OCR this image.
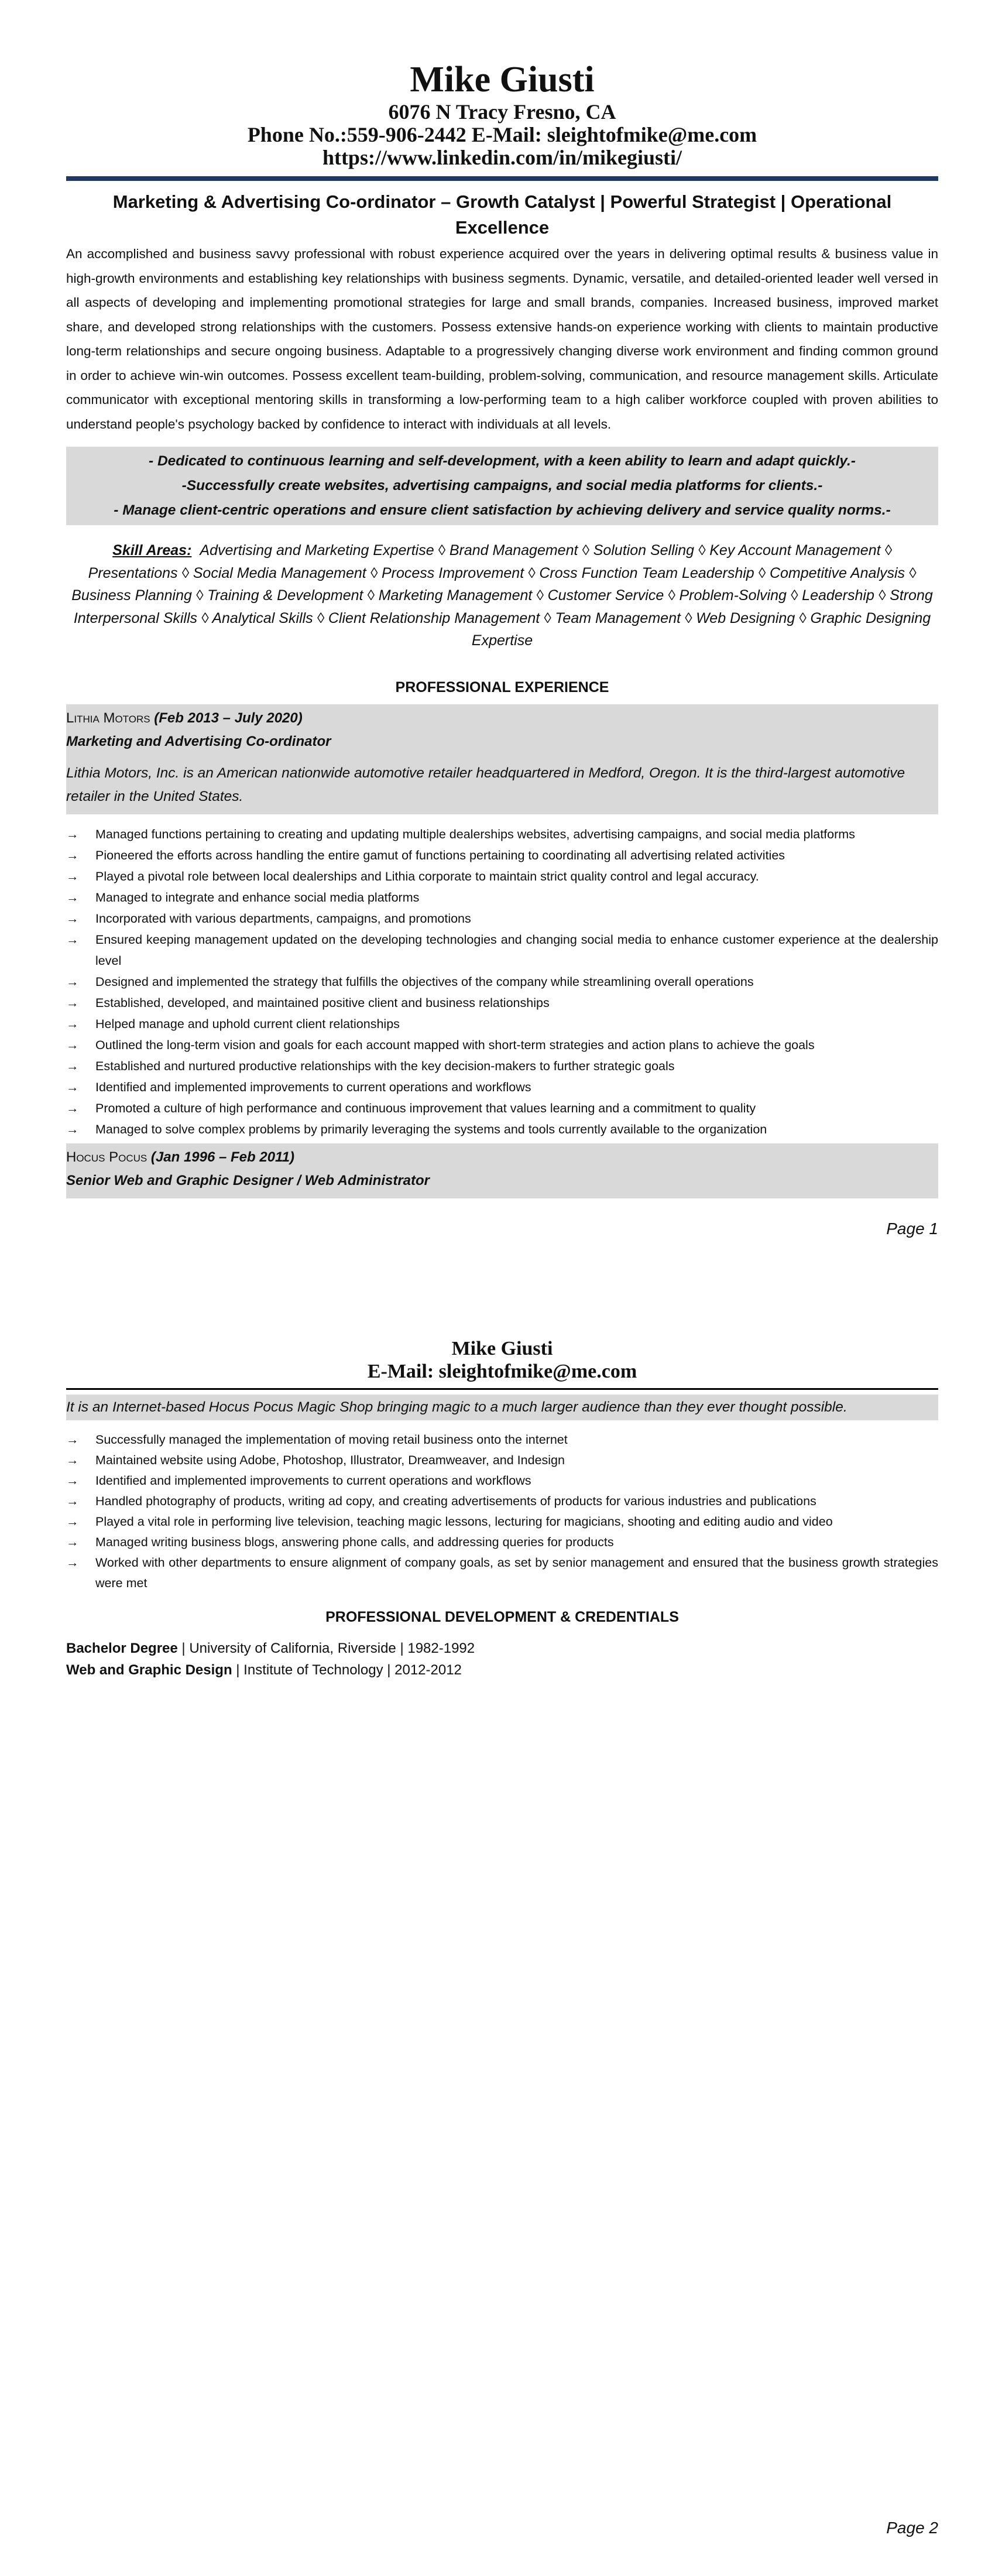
Mike Giusti
6076 N Tracy Fresno, CA
Phone No.:559-906-2442 E-Mail: sleightofmike@me.com
https://www.linkedin.com/in/mikegiusti/
Marketing & Advertising Co-ordinator – Growth Catalyst | Powerful Strategist | Operational Excellence
An accomplished and business savvy professional with robust experience acquired over the years in delivering optimal results & business value in high-growth environments and establishing key relationships with business segments. Dynamic, versatile, and detailed-oriented leader well versed in all aspects of developing and implementing promotional strategies for large and small brands, companies. Increased business, improved market share, and developed strong relationships with the customers. Possess extensive hands-on experience working with clients to maintain productive long-term relationships and secure ongoing business. Adaptable to a progressively changing diverse work environment and finding common ground in order to achieve win-win outcomes. Possess excellent team-building, problem-solving, communication, and resource management skills. Articulate communicator with exceptional mentoring skills in transforming a low-performing team to a high caliber workforce coupled with proven abilities to understand people's psychology backed by confidence to interact with individuals at all levels.
- Dedicated to continuous learning and self-development, with a keen ability to learn and adapt quickly.-
-Successfully create websites, advertising campaigns, and social media platforms for clients.-
- Manage client-centric operations and ensure client satisfaction by achieving delivery and service quality norms.-
Skill Areas: Advertising and Marketing Expertise ◊ Brand Management ◊ Solution Selling ◊ Key Account Management ◊ Presentations ◊ Social Media Management ◊ Process Improvement ◊ Cross Function Team Leadership ◊ Competitive Analysis ◊ Business Planning ◊ Training & Development ◊ Marketing Management ◊ Customer Service ◊ Problem-Solving ◊ Leadership ◊ Strong Interpersonal Skills ◊ Analytical Skills ◊ Client Relationship Management ◊ Team Management ◊ Web Designing ◊ Graphic Designing Expertise
PROFESSIONAL EXPERIENCE
Lithia Motors (Feb 2013 – July 2020)
Marketing and Advertising Co-ordinator
Lithia Motors, Inc. is an American nationwide automotive retailer headquartered in Medford, Oregon. It is the third-largest automotive retailer in the United States.
→ Managed functions pertaining to creating and updating multiple dealerships websites, advertising campaigns, and social media platforms
→ Pioneered the efforts across handling the entire gamut of functions pertaining to coordinating all advertising related activities
→ Played a pivotal role between local dealerships and Lithia corporate to maintain strict quality control and legal accuracy.
→ Managed to integrate and enhance social media platforms
→ Incorporated with various departments, campaigns, and promotions
→ Ensured keeping management updated on the developing technologies and changing social media to enhance customer experience at the dealership level
→ Designed and implemented the strategy that fulfills the objectives of the company while streamlining overall operations
→ Established, developed, and maintained positive client and business relationships
→ Helped manage and uphold current client relationships
→ Outlined the long-term vision and goals for each account mapped with short-term strategies and action plans to achieve the goals
→ Established and nurtured productive relationships with the key decision-makers to further strategic goals
→ Identified and implemented improvements to current operations and workflows
→ Promoted a culture of high performance and continuous improvement that values learning and a commitment to quality
→ Managed to solve complex problems by primarily leveraging the systems and tools currently available to the organization
Hocus Pocus (Jan 1996 – Feb 2011)
Senior Web and Graphic Designer / Web Administrator
Page 1
Mike Giusti
E-Mail: sleightofmike@me.com
It is an Internet-based Hocus Pocus Magic Shop bringing magic to a much larger audience than they ever thought possible.
→ Successfully managed the implementation of moving retail business onto the internet
→ Maintained website using Adobe, Photoshop, Illustrator, Dreamweaver, and Indesign
→ Identified and implemented improvements to current operations and workflows
→ Handled photography of products, writing ad copy, and creating advertisements of products for various industries and publications
→ Played a vital role in performing live television, teaching magic lessons, lecturing for magicians, shooting and editing audio and video
→ Managed writing business blogs, answering phone calls, and addressing queries for products
→ Worked with other departments to ensure alignment of company goals, as set by senior management and ensured that the business growth strategies were met
PROFESSIONAL DEVELOPMENT & CREDENTIALS
Bachelor Degree | University of California, Riverside | 1982-1992
Web and Graphic Design | Institute of Technology | 2012-2012
Page 2
